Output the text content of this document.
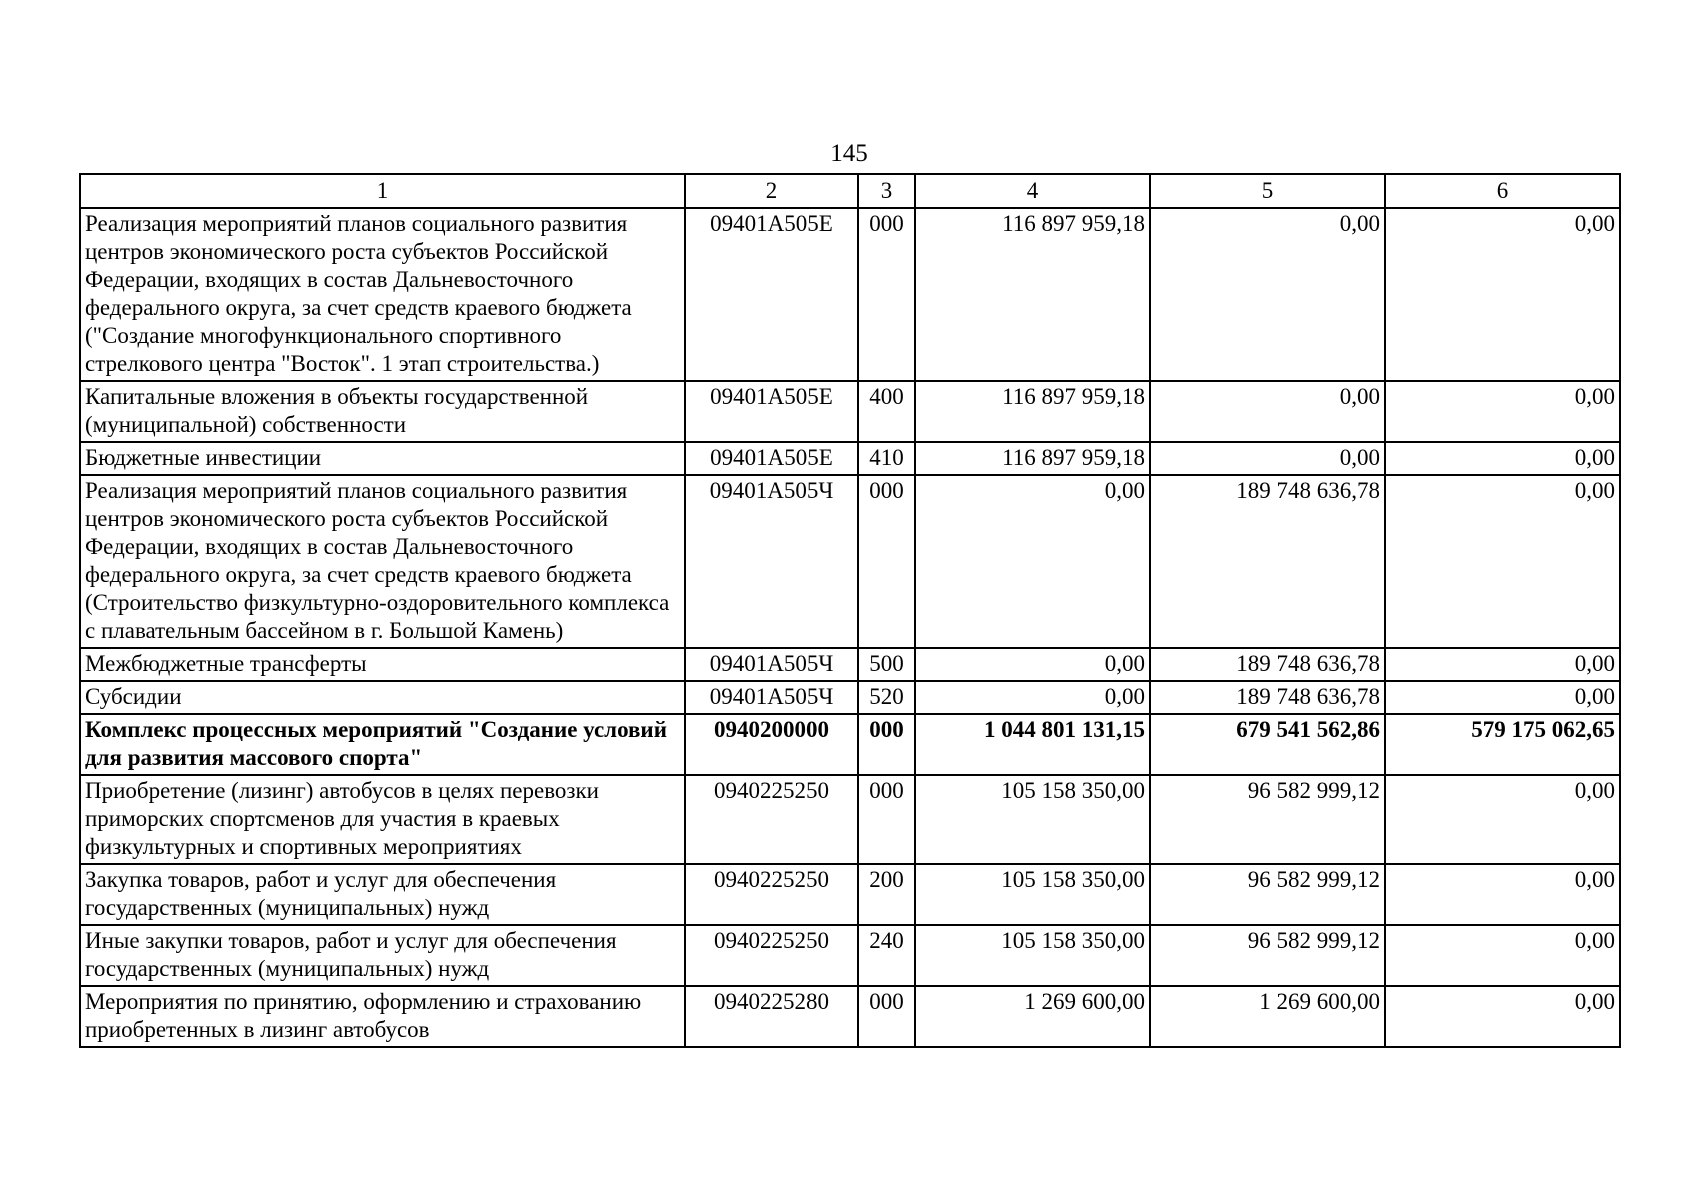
145
1	2	3	4	5	6
Реализация мероприятий планов социального развития центров экономического роста субъектов Российской Федерации, входящих в состав Дальневосточного федерального округа, за счет средств краевого бюджета ("Создание многофункционального спортивного стрелкового центра "Восток". 1 этап строительства.)	09401А505Е	000	116 897 959,18	0,00	0,00
Капитальные вложения в объекты государственной (муниципальной) собственности	09401А505Е	400	116 897 959,18	0,00	0,00
Бюджетные инвестиции	09401А505Е	410	116 897 959,18	0,00	0,00
Реализация мероприятий планов социального развития центров экономического роста субъектов Российской Федерации, входящих в состав Дальневосточного федерального округа, за счет средств краевого бюджета (Строительство физкультурно-оздоровительного комплекса с плавательным бассейном в г. Большой Камень)	09401А505Ч	000	0,00	189 748 636,78	0,00
Межбюджетные трансферты	09401А505Ч	500	0,00	189 748 636,78	0,00
Субсидии	09401А505Ч	520	0,00	189 748 636,78	0,00
Комплекс процессных мероприятий "Создание условий для развития массового спорта"	0940200000	000	1 044 801 131,15	679 541 562,86	579 175 062,65
Приобретение (лизинг) автобусов в целях перевозки приморских спортсменов для участия в краевых физкультурных и спортивных мероприятиях	0940225250	000	105 158 350,00	96 582 999,12	0,00
Закупка товаров, работ и услуг для обеспечения государственных (муниципальных) нужд	0940225250	200	105 158 350,00	96 582 999,12	0,00
Иные закупки товаров, работ и услуг для обеспечения государственных (муниципальных) нужд	0940225250	240	105 158 350,00	96 582 999,12	0,00
Мероприятия по принятию, оформлению и страхованию приобретенных в лизинг автобусов	0940225280	000	1 269 600,00	1 269 600,00	0,00
